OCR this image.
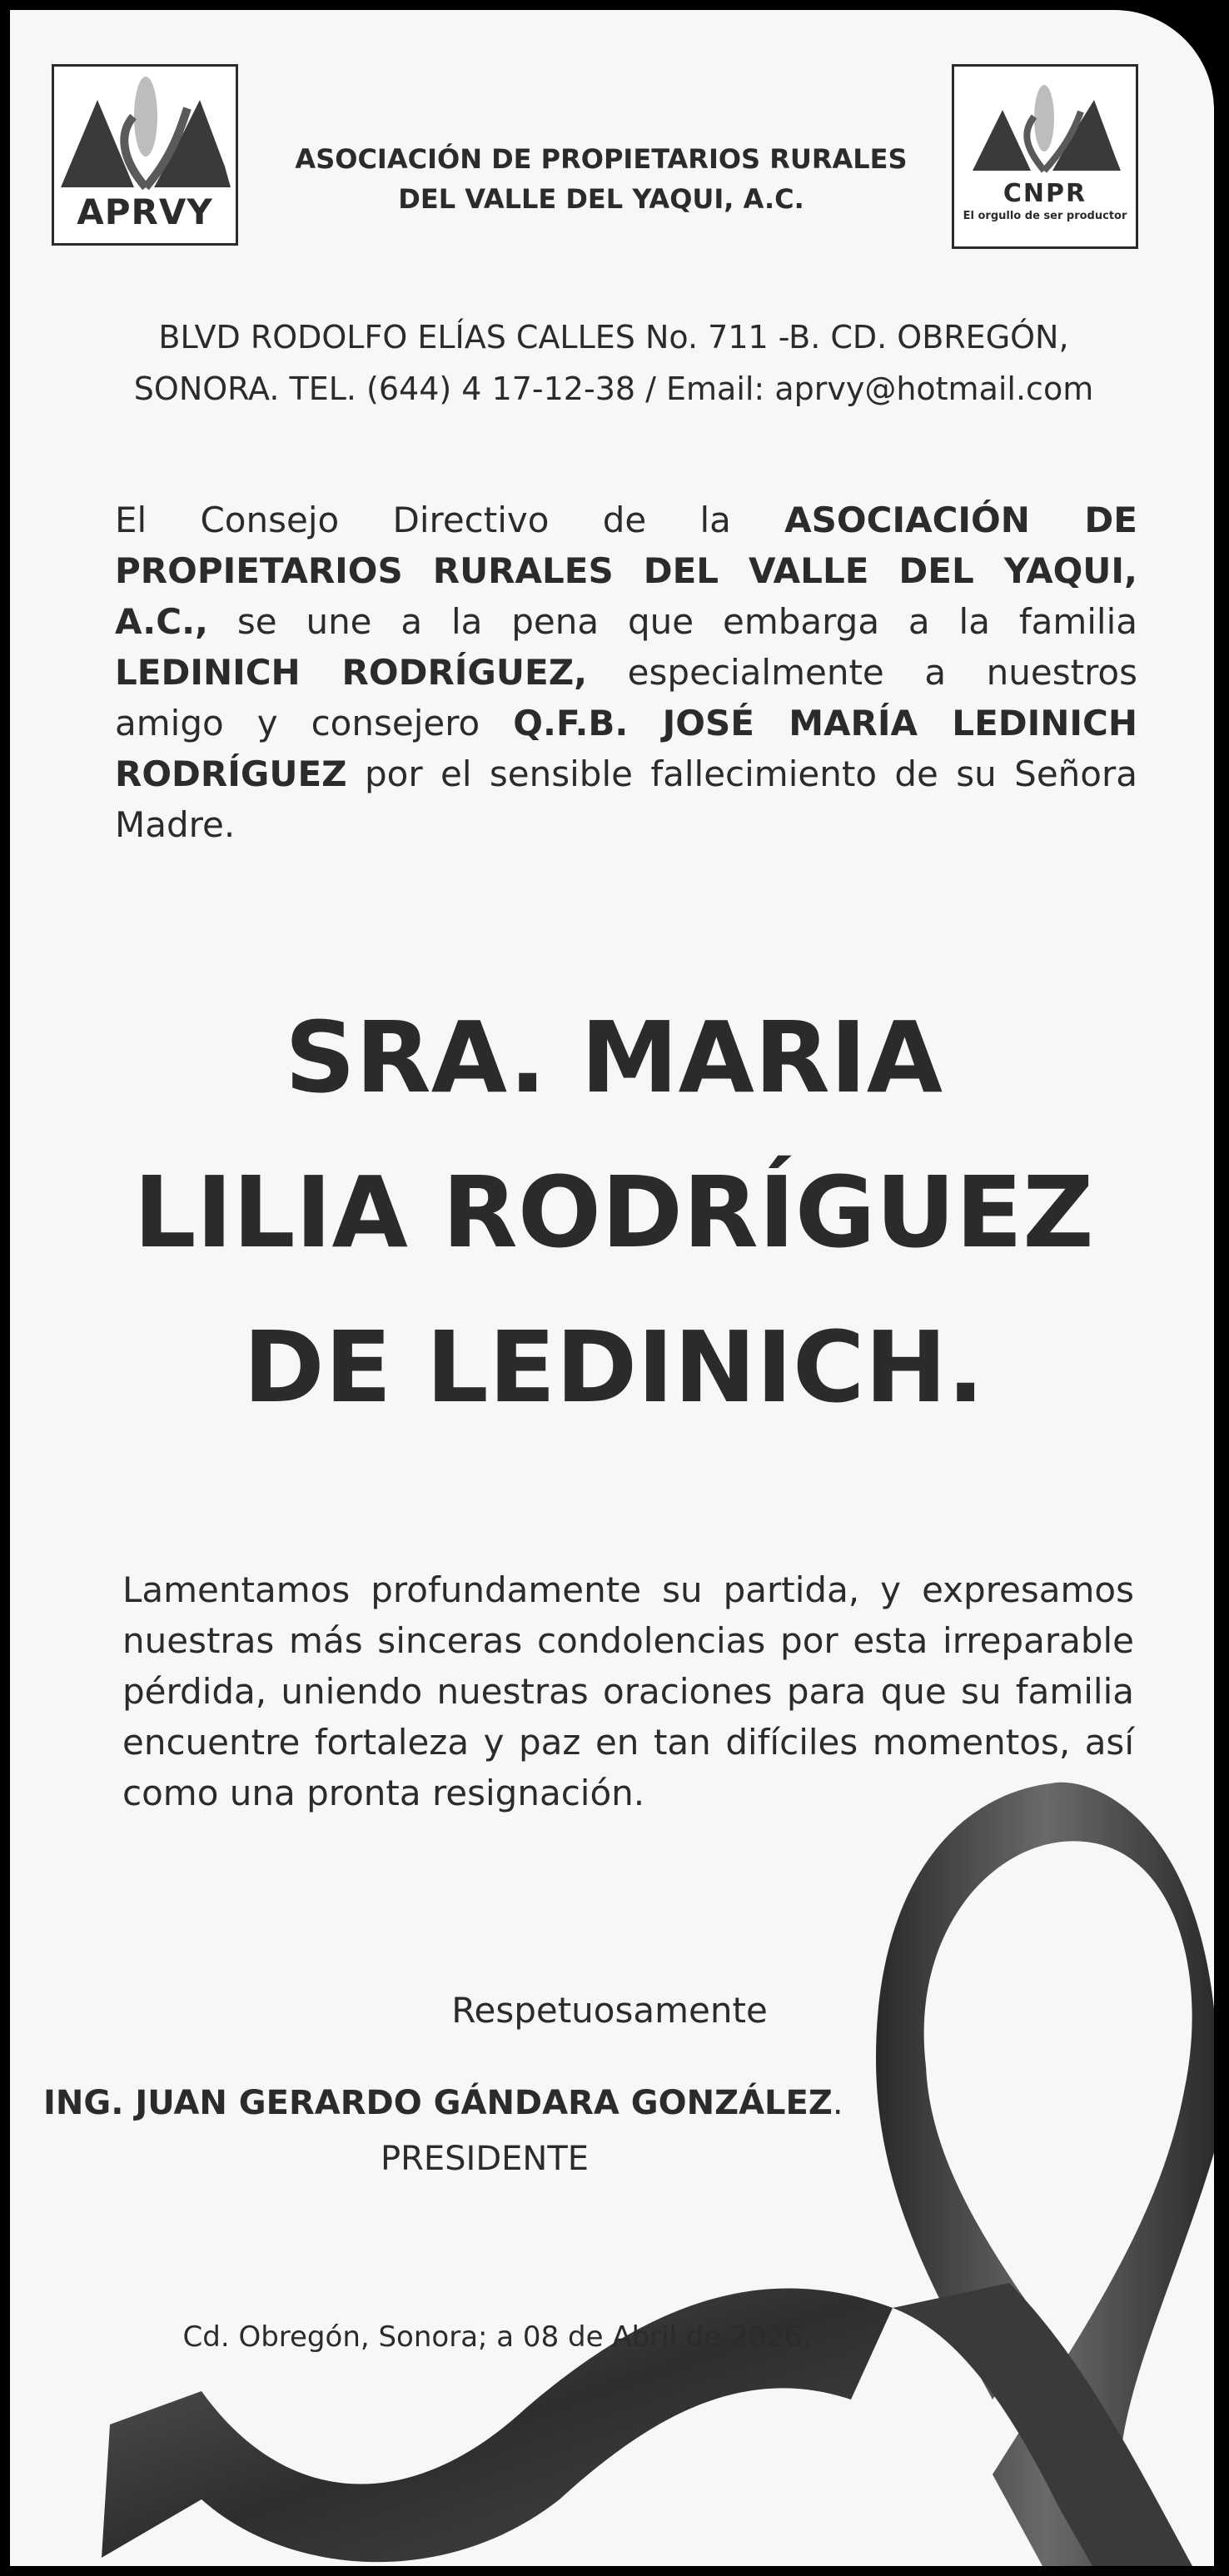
APRVY
ASOCIACIÓN DE PROPIETARIOS RURALES
DEL VALLE DEL YAQUI, A.C.	CNPR
El orgullo de ser productor
BLVD RODOLFO ELÍAS CALLES No. 711 -B. CD. OBREGÓN,
SONORA. TEL. (644) 4 17-12-38 / Email: aprvy@hotmail.com
El Consejo Directivo de la ASOCIACIÓN DE PROPIETARIOS RURALES DEL VALLE DEL YAQUI, A.C., se une a la pena que embarga a la familia LEDINICH RODRÍGUEZ, especialmente a nuestros amigo y consejero Q.F.B. JOSÉ MARÍA LEDINICH RODRÍGUEZ por el sensible fallecimiento de su Señora Madre.
SRA. MARIA
LILIA RODRÍGUEZ
DE LEDINICH.
Lamentamos profundamente su partida, y expresamos nuestras más sinceras condolencias por esta irreparable pérdida, uniendo nuestras oraciones para que su familia encuentre fortaleza y paz en tan difíciles momentos, así como una pronta resignación.
Respetuosamente
ING. JUAN GERARDO GÁNDARA GONZÁLEZ.
PRESIDENTE
Cd. Obregón, Sonora; a 08 de Abril de 2026.
